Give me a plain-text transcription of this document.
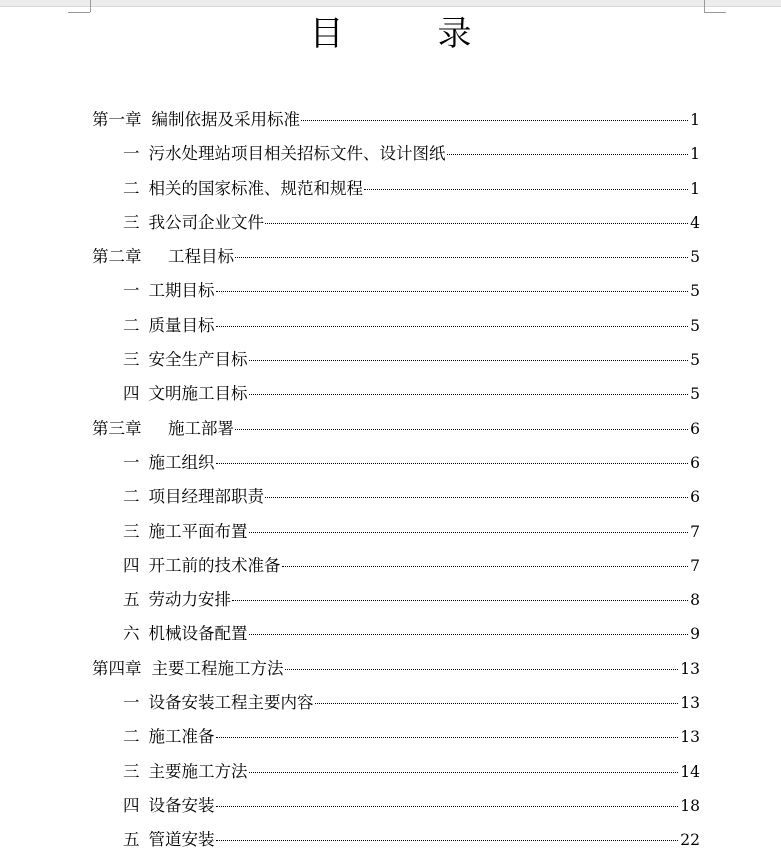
目　录
第一章 编制依据及采用标准	1
一 污水处理站项目相关招标文件、设计图纸	1
二 相关的国家标准、规范和规程	1
三 我公司企业文件	4
第二章 　工程目标	5
一 工期目标	5
二 质量目标	5
三 安全生产目标	5
四 文明施工目标	5
第三章 　施工部署	6
一 施工组织	6
二 项目经理部职责	6
三 施工平面布置	7
四 开工前的技术准备	7
五 劳动力安排	8
六 机械设备配置	9
第四章 主要工程施工方法	13
一 设备安装工程主要内容	13
二 施工准备	13
三 主要施工方法	14
四 设备安装	18
五 管道安装	22
